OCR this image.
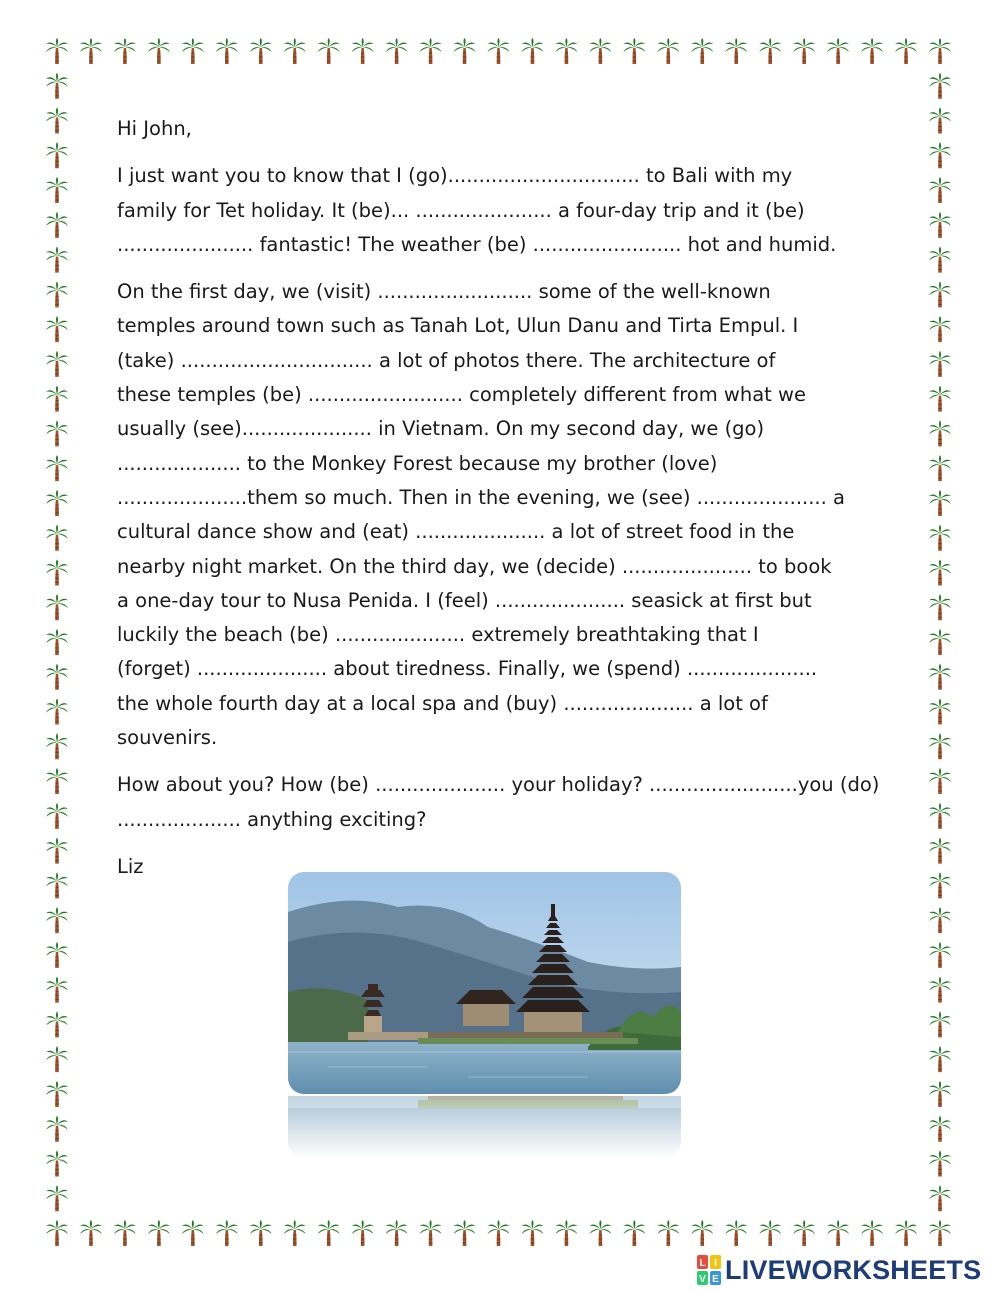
Hi John,

I just want you to know that I (go)............................... to Bali with my
family for Tet holiday. It (be)... ...................... a four-day trip and it (be)
...................... fantastic! The weather (be) ........................ hot and humid.

On the first day, we (visit) ......................... some of the well-known
temples around town such as Tanah Lot, Ulun Danu and Tirta Empul. I
(take) ............................... a lot of photos there. The architecture of
these temples (be) ......................... completely different from what we
usually (see)..................... in Vietnam. On my second day, we (go)
.................... to the Monkey Forest because my brother (love)
.....................them so much. Then in the evening, we (see) ..................... a
cultural dance show and (eat) ..................... a lot of street food in the
nearby night market. On the third day, we (decide) ..................... to book
a one-day tour to Nusa Penida. I (feel) ..................... seasick at first but
luckily the beach (be) ..................... extremely breathtaking that I
(forget) ..................... about tiredness. Finally, we (spend) .....................
the whole fourth day at a local spa and (buy) ..................... a lot of
souvenirs.

How about you? How (be) ..................... your holiday? ........................you (do)
.................... anything exciting?

Liz

L I
V E LIVEWORKSHEETS
